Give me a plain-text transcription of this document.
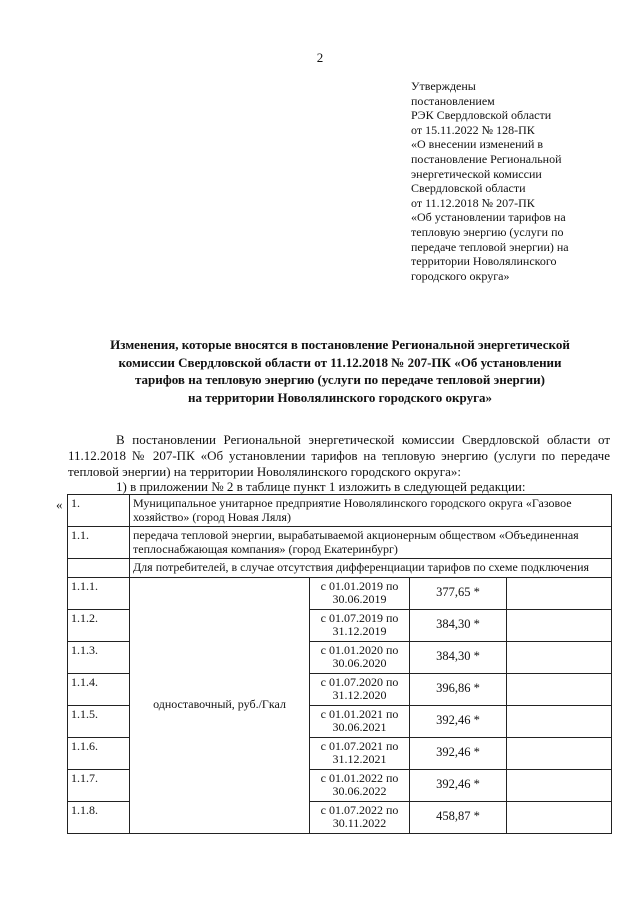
2
Утверждены
постановлением
РЭК Свердловской области
от 15.11.2022 № 128-ПК
«О внесении изменений в
постановление Региональной
энергетической комиссии
Свердловской области
от 11.12.2018 № 207-ПК
«Об установлении тарифов на
тепловую энергию (услуги по
передаче тепловой энергии) на
территории Новолялинского
городского округа»
Изменения, которые вносятся в постановление Региональной энергетической
комиссии Свердловской области от 11.12.2018 № 207-ПК «Об установлении
тарифов на тепловую энергию (услуги по передаче тепловой энергии)
на территории Новолялинского городского округа»
В постановлении Региональной энергетической комиссии Свердловской области от 11.12.2018 № 207-ПК «Об установлении тарифов на тепловую энергию (услуги по передаче тепловой энергии) на территории Новолялинского городского округа»:
1) в приложении № 2 в таблице пункт 1 изложить в следующей редакции:
« 1.	Муниципальное унитарное предприятие Новолялинского городского округа «Газовое хозяйство» (город Новая Ляля)			
1.1.	передача тепловой энергии, вырабатываемой акционерным обществом «Объединенная теплоснабжающая компания» (город Екатеринбург)			
	Для потребителей, в случае отсутствия дифференциации тарифов по схеме подключения			
1.1.1.	одноставочный, руб./Гкал	с 01.01.2019 по 30.06.2019	377,65 *	
1.1.2.		с 01.07.2019 по 31.12.2019	384,30 *	
1.1.3.		с 01.01.2020 по 30.06.2020	384,30 *	
1.1.4.		с 01.07.2020 по 31.12.2020	396,86 *	
1.1.5.		с 01.01.2021 по 30.06.2021	392,46 *	
1.1.6.		с 01.07.2021 по 31.12.2021	392,46 *	
1.1.7.		с 01.01.2022 по 30.06.2022	392,46 *	
1.1.8.		с 01.07.2022 по 30.11.2022	458,87 *	
